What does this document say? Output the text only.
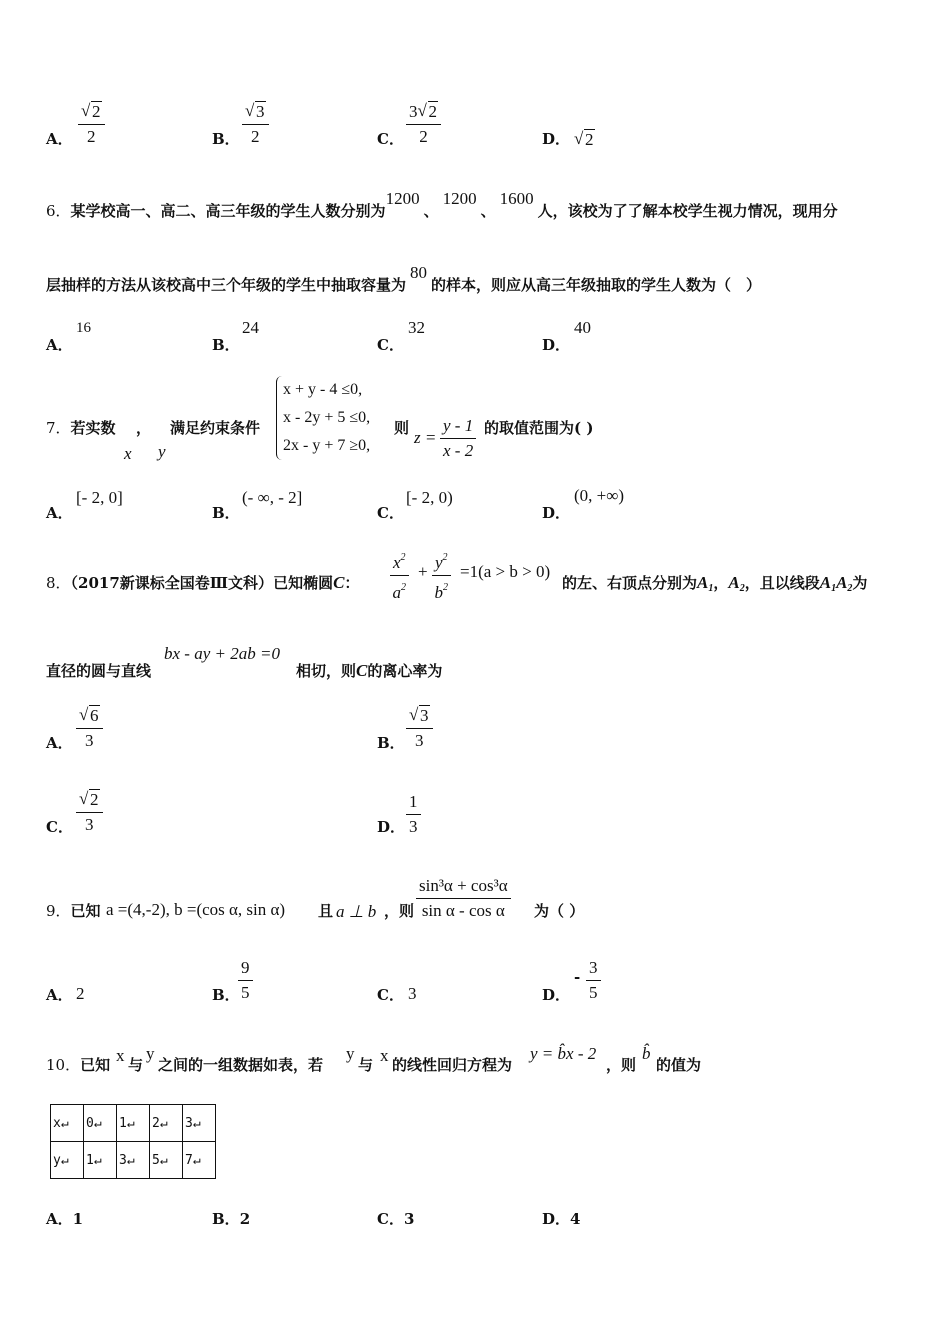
A． √ $\frac{2}{2}$	B． √ $\frac{3}{2}$	C． $\frac{3 √ 2}{2}$	D． √ 2
6．某学校高一、高二、高三年级的学生人数分别为1200、1200、1600人，该校为了了解本校学生视力情况，现用分
层抽样的方法从该校高中三个年级的学生中抽取容量为80的样本，则应从高三年级抽取的学生人数为（　）
A．
16
B．
24
C．
32
D．
40
7．若实数 ， 满足约束条件
x y
x + y - 4 ≤0,
x - 2y + 5 ≤0,
2x - y + 7 ≥0,
则 $z = \frac{y - 1}{x - 2}$ 的取值范围为( )
A．
[- 2, 0]
B．
(- ∞, - 2]
C．
[- 2, 0)
D．
(0, +∞)
8．（2017新课标全国卷Ⅲ文科）已知椭圆C： $\frac{x^2}{a^2} + \frac{y^2}{b^2} =1(a > b > 0)$
的左、右顶点分别为$A_1$，$A_2$，且以线段$A_1A_2$为
直径的圆与直线
bx - ay + 2ab =0
相切，则C的离心率为
A． √ $\frac{6}{3}$	B． √ $\frac{3}{3}$
C． √ $\frac{2}{3}$	D． $\frac{1}{3}$
9．已知 a =(4,-2), b =(cos α, sin α) 且 a ⊥ b ，则 $\frac{\text{sin³α + cos³α}}{\text{sin α - cos α}}$ 为（ ）
A． 2	B．
$\frac{9}{5}$	C． 3	D．
- $\frac{3}{5}$
10．已知 x 与
y
之间的一组数据如表，若
y
与 x 的线性回归方程为
y = b̂x - 2
，则
b̂
的值为
x↵	0↵	1↵	2↵	3↵
y↵	1↵	3↵	5↵	7↵
A．1	B．2	C．3	D．4
